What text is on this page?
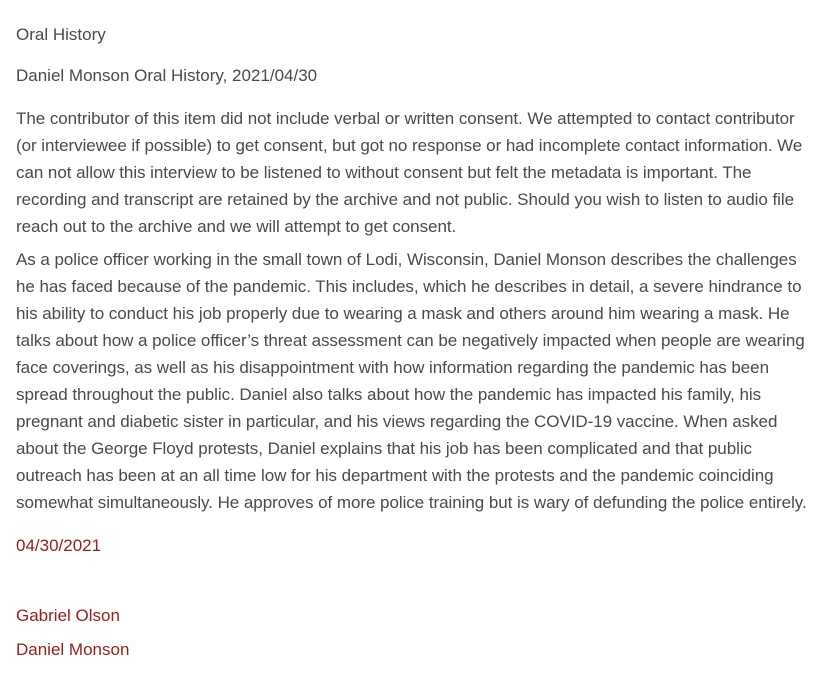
Oral History
Daniel Monson Oral History, 2021/04/30

The contributor of this item did not include verbal or written consent. We attempted to contact contributor (or interviewee if possible) to get consent, but got no response or had incomplete contact information. We can not allow this interview to be listened to without consent but felt the metadata is important. The recording and transcript are retained by the archive and not public. Should you wish to listen to audio file reach out to the archive and we will attempt to get consent.

As a police officer working in the small town of Lodi, Wisconsin, Daniel Monson describes the challenges he has faced because of the pandemic. This includes, which he describes in detail, a severe hindrance to his ability to conduct his job properly due to wearing a mask and others around him wearing a mask. He talks about how a police officer’s threat assessment can be negatively impacted when people are wearing face coverings, as well as his disappointment with how information regarding the pandemic has been spread throughout the public. Daniel also talks about how the pandemic has impacted his family, his pregnant and diabetic sister in particular, and his views regarding the COVID-19 vaccine. When asked about the George Floyd protests, Daniel explains that his job has been complicated and that public outreach has been at an all time low for his department with the protests and the pandemic coinciding somewhat simultaneously. He approves of more police training but is wary of defunding the police entirely.

04/30/2021
Gabriel Olson
Daniel Monson
